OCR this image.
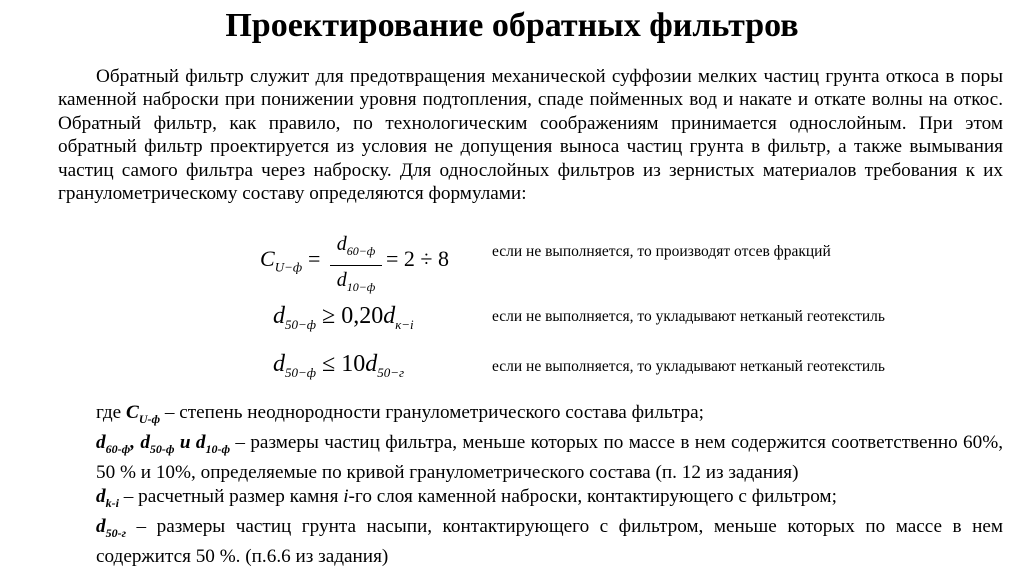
Проектирование обратных фильтров
Обратный фильтр служит для предотвращения механической суффозии мелких частиц грунта откоса в поры каменной наброски при понижении уровня подтопления, спаде пойменных вод и накате и откате волны на откос. Обратный фильтр, как правило, по технологическим соображениям принимается однослойным. При этом обратный фильтр проектируется из условия не допущения выноса частиц грунта в фильтр, а также вымывания частиц самого фильтра через наброску. Для однослойных фильтров из зернистых материалов требования к их гранулометрическому составу определяются формулами:
$C_{U-ф}$ =
$d_{60-ф}$
$d_{10-ф}$
= 2 ÷ 8
$d_{50-ф} \ge 0,20d_{к-i}$
$d_{50-ф} \le 10d_{50-г}$
если не выполняется, то производят отсев фракций
если не выполняется, то укладывают нетканый геотекстиль
если не выполняется, то укладывают нетканый геотекстиль
где $C_{U-ф}$ – степень неоднородности гранулометрического состава фильтра;
$d_{60-ф}$, $d_{50-ф}$ и $d_{10-ф}$ – размеры частиц фильтра, меньше которых по массе в нем содержится соответственно 60%, 50 % и 10%, определяемые по кривой гранулометрического состава (п. 12 из задания)
$d_{k-i}$ – расчетный размер камня i-го слоя каменной наброски, контактирующего с фильтром;
$d_{50-г}$ – размеры частиц грунта насыпи, контактирующего с фильтром, меньше которых по массе в нем содержится 50 %. (п.6.6 из задания)
